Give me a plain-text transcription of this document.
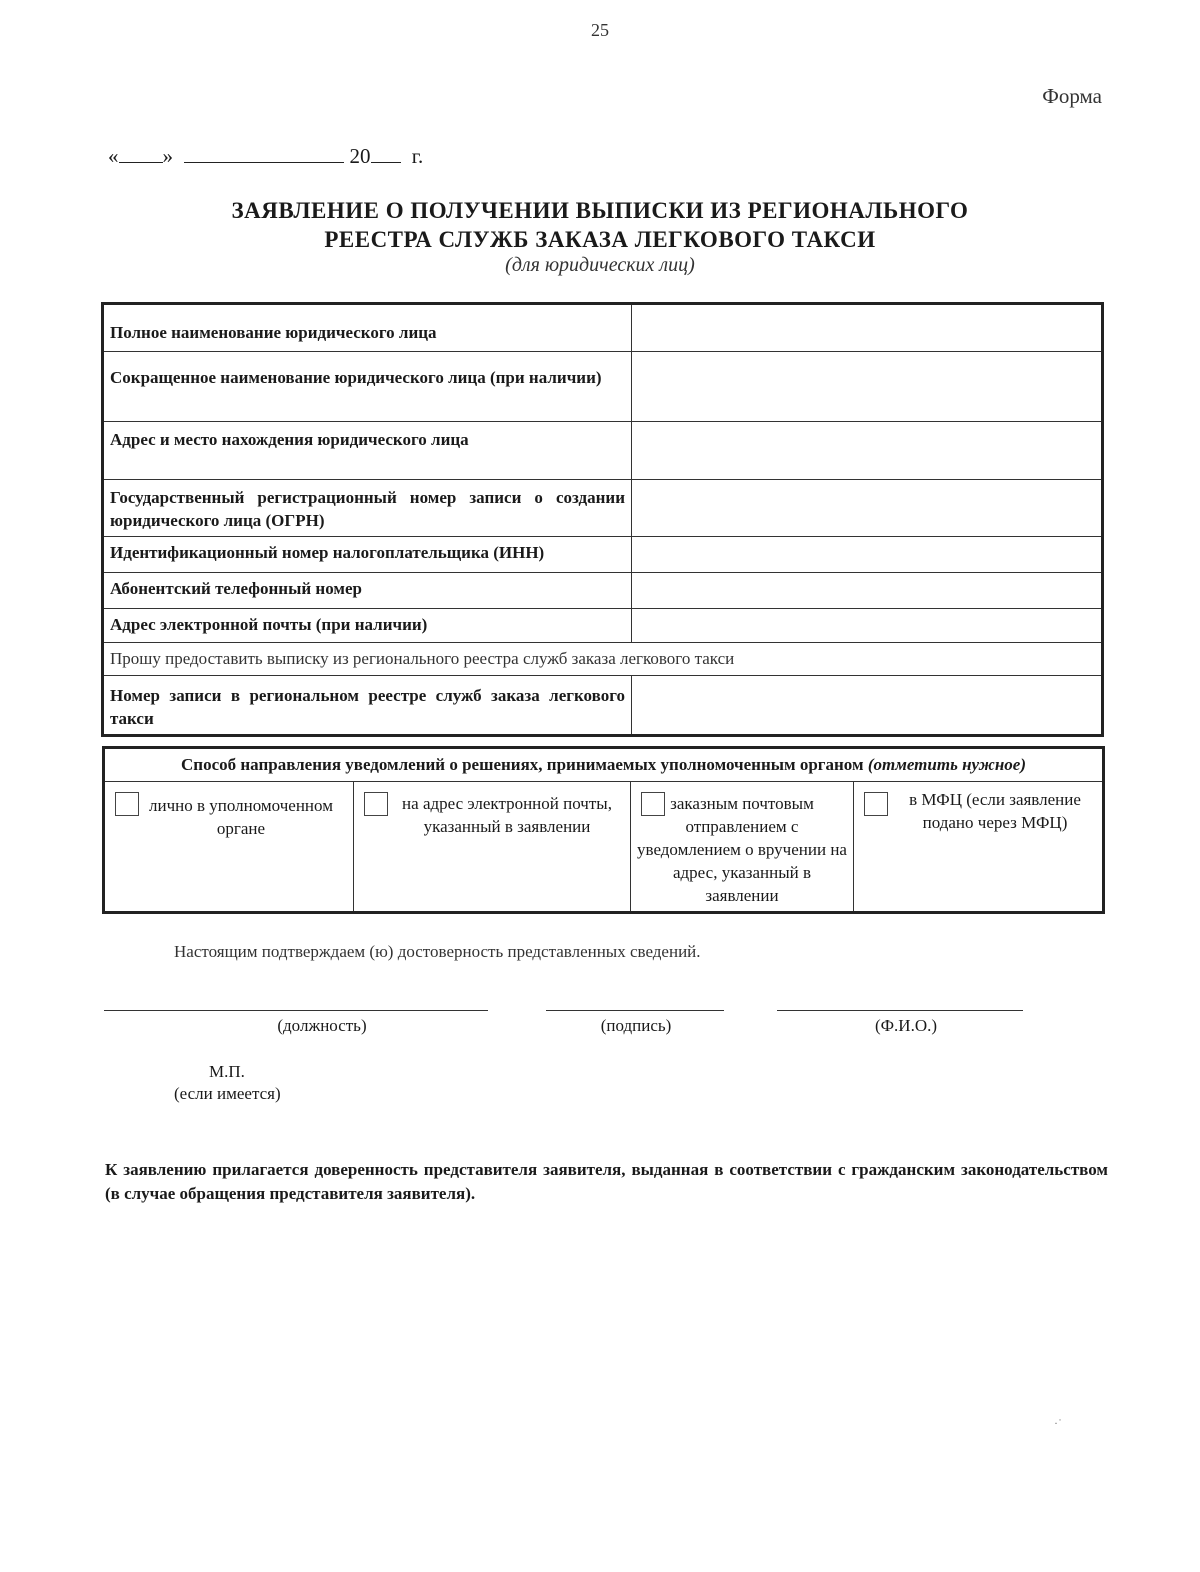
25
Форма
« »	20 г.
ЗАЯВЛЕНИЕ О ПОЛУЧЕНИИ ВЫПИСКИ ИЗ РЕГИОНАЛЬНОГО
РЕЕСТРА СЛУЖБ ЗАКАЗА ЛЕГКОВОГО ТАКСИ
(для юридических лиц)
Полное наименование юридического лица	
Сокращенное наименование юридического лица (при наличии)	
Адрес и место нахождения юридического лица	
Государственный регистрационный номер записи о создании юридического лица (ОГРН)	
Идентификационный номер налогоплательщика (ИНН)	
Абонентский телефонный номер	
Адрес электронной почты (при наличии)	
Прошу предоставить выписку из регионального реестра служб заказа легкового такси	
Номер записи в региональном реестре служб заказа легкового такси	
Способ направления уведомлений о решениях, принимаемых уполномоченным органом (отметить нужное)

лично в уполномоченном органе

на адрес электронной почты, указанный в заявлении

заказным почтовым отправлением с уведомлением о вручении на адрес, указанный в заявлении

в МФЦ (если заявление подано через МФЦ)
Настоящим подтверждаем (ю) достоверность представленных сведений.
(должность)	(подпись)	(Ф.И.О.)
М.П.
(если имеется)
К заявлению прилагается доверенность представителя заявителя, выданная в соответствии с гражданским законодательством (в случае обращения представителя заявителя).
·˙
